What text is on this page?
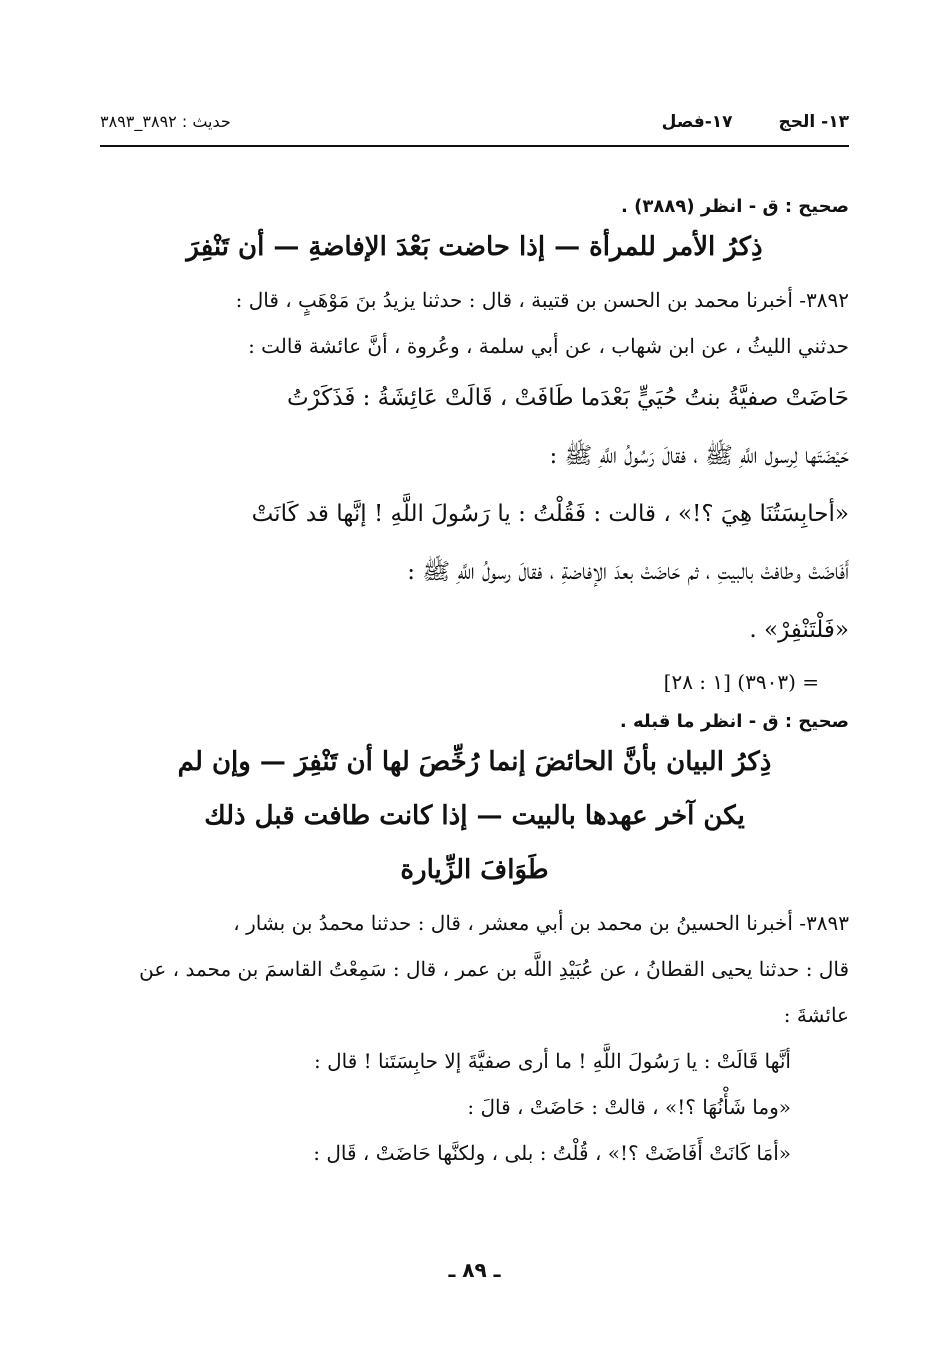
١٣- الحج
١٧-فصل
حديث : ٣٨٩٢_٣٨٩٣

صحيح : ق - انظر (٣٨٨٩) .

ذِكرُ الأمر للمرأة — إذا حاضت بَعْدَ الإفاضةِ — أن تَنْفِرَ

٣٨٩٢- أخبرنا محمد بن الحسن بن قتيبة ، قال : حدثنا يزيدُ بنَ مَوْهَبٍ ، قال :

حدثني الليثُ ، عن ابن شهاب ، عن أبي سلمة ، وعُروة ، أنَّ عائشة قالت :

حَاضَتْ صفيَّةُ بنتُ حُيَيٍّ بَعْدَما طَافَتْ ، قَالَتْ عَائِشَةُ : فَذَكَرْتُ

حَيْضَتَها لِرسول اللَّهِ ﷺ ، فقالَ رَسُولُ اللَّهِ ﷺ :

«أحابِسَتُنَا هِيَ ؟!» ، قالت : فَقُلْتُ : يا رَسُولَ اللَّهِ ! إنَّها قد كَانَتْ

أَفَاضَتْ وطافتْ بالبيتِ ، ثم حَاضَتْ بعدَ الإفاضةِ ، فقالَ رسولُ اللَّهِ ﷺ :

«فَلْتَنْفِرْ» .

= (٣٩٠٣) [١ : ٢٨]

صحيح : ق - انظر ما قبله .

ذِكرُ البيان بأنَّ الحائضَ إنما رُخِّصَ لها أن تَنْفِرَ — وإن لم

يكن آخر عهدها بالبيت — إذا كانت طافت قبل ذلك

طَوَافَ الزِّيارة

٣٨٩٣- أخبرنا الحسينُ بن محمد بن أبي معشر ، قال : حدثنا محمدُ بن بشار ،

قال : حدثنا يحيى القطانُ ، عن عُبَيْدِ اللَّه بن عمر ، قال : سَمِعْتُ القاسمَ بن محمد ، عن

عائشةَ :

أنَّها قَالَتْ : يا رَسُولَ اللَّهِ ! ما أرى صفيَّةَ إلا حابِسَتَنا ! قال :

«وما شَأْنُهَا ؟!» ، قالتْ : حَاضَتْ ، قالَ :

«أمَا كَانَتْ أَفَاضَتْ ؟!» ، قُلْتُ : بلى ، ولكنَّها حَاضَتْ ، قَال :

ـ ٨٩ ـ
